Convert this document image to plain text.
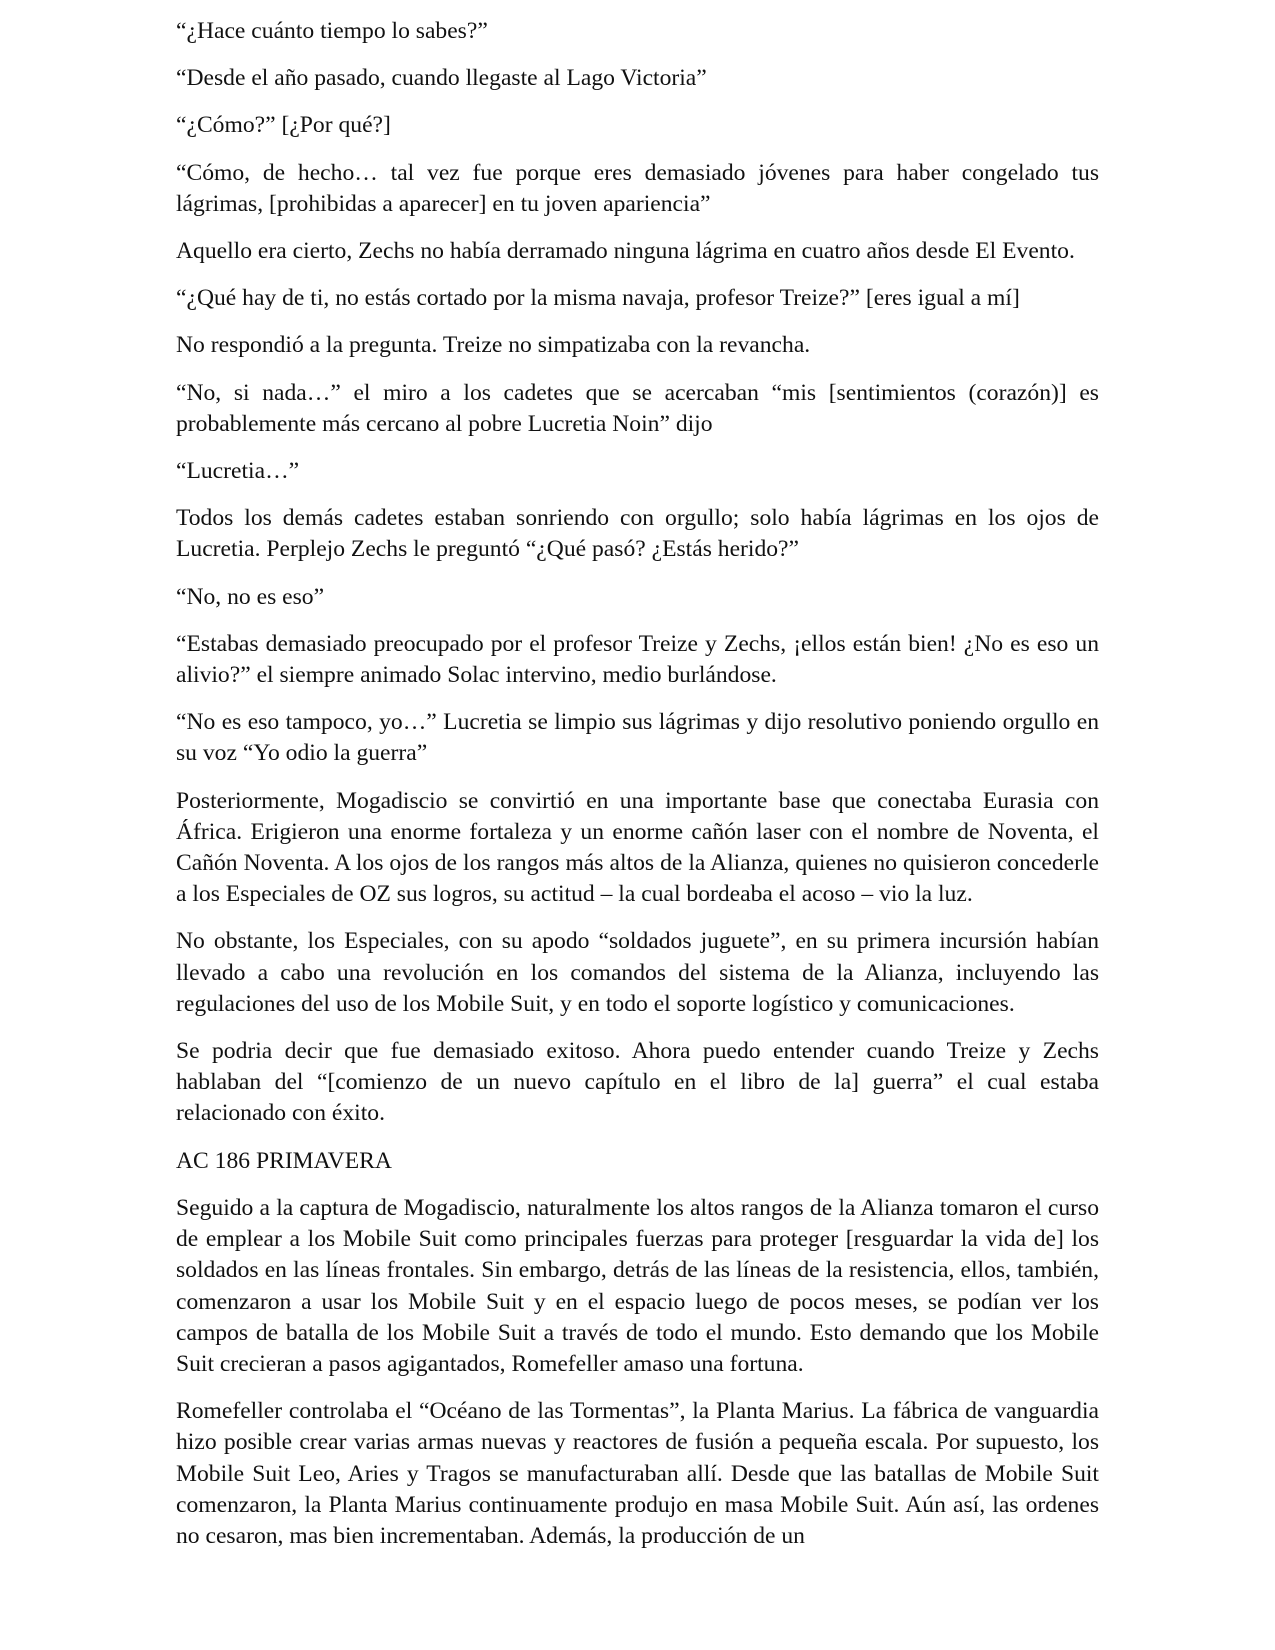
“¿Hace cuánto tiempo lo sabes?”

“Desde el año pasado, cuando llegaste al Lago Victoria”

“¿Cómo?” [¿Por qué?]

“Cómo, de hecho… tal vez fue porque eres demasiado jóvenes para haber congelado tus lágrimas, [prohibidas a aparecer] en tu joven apariencia”

Aquello era cierto, Zechs no había derramado ninguna lágrima en cuatro años desde El Evento.

“¿Qué hay de ti, no estás cortado por la misma navaja, profesor Treize?” [eres igual a mí]

No respondió a la pregunta. Treize no simpatizaba con la revancha.

“No, si nada…” el miro a los cadetes que se acercaban “mis [sentimientos (corazón)] es probablemente más cercano al pobre Lucretia Noin” dijo

“Lucretia…”

Todos los demás cadetes estaban sonriendo con orgullo; solo había lágrimas en los ojos de Lucretia. Perplejo Zechs le preguntó “¿Qué pasó? ¿Estás herido?”

“No, no es eso”

“Estabas demasiado preocupado por el profesor Treize y Zechs, ¡ellos están bien! ¿No es eso un alivio?” el siempre animado Solac intervino, medio burlándose.

“No es eso tampoco, yo…” Lucretia se limpio sus lágrimas y dijo resolutivo poniendo orgullo en su voz “Yo odio la guerra”

Posteriormente, Mogadiscio se convirtió en una importante base que conectaba Eurasia con África. Erigieron una enorme fortaleza y un enorme cañón laser con el nombre de Noventa, el Cañón Noventa. A los ojos de los rangos más altos de la Alianza, quienes no quisieron concederle a los Especiales de OZ sus logros, su actitud – la cual bordeaba el acoso – vio la luz.

No obstante, los Especiales, con su apodo “soldados juguete”, en su primera incursión habían llevado a cabo una revolución en los comandos del sistema de la Alianza, incluyendo las regulaciones del uso de los Mobile Suit, y en todo el soporte logístico y comunicaciones.

Se podria decir que fue demasiado exitoso. Ahora puedo entender cuando Treize y Zechs hablaban del “[comienzo de un nuevo capítulo en el libro de la] guerra” el cual estaba relacionado con éxito.

AC 186 PRIMAVERA

Seguido a la captura de Mogadiscio, naturalmente los altos rangos de la Alianza tomaron el curso de emplear a los Mobile Suit como principales fuerzas para proteger [resguardar la vida de] los soldados en las líneas frontales. Sin embargo, detrás de las líneas de la resistencia, ellos, también, comenzaron a usar los Mobile Suit y en el espacio luego de pocos meses, se podían ver los campos de batalla de los Mobile Suit a través de todo el mundo. Esto demando que los Mobile Suit crecieran a pasos agigantados, Romefeller amaso una fortuna.

Romefeller controlaba el “Océano de las Tormentas”, la Planta Marius. La fábrica de vanguardia hizo posible crear varias armas nuevas y reactores de fusión a pequeña escala. Por supuesto, los Mobile Suit Leo, Aries y Tragos se manufacturaban allí. Desde que las batallas de Mobile Suit comenzaron, la Planta Marius continuamente produjo en masa Mobile Suit. Aún así, las ordenes no cesaron, mas bien incrementaban. Además, la producción de un
